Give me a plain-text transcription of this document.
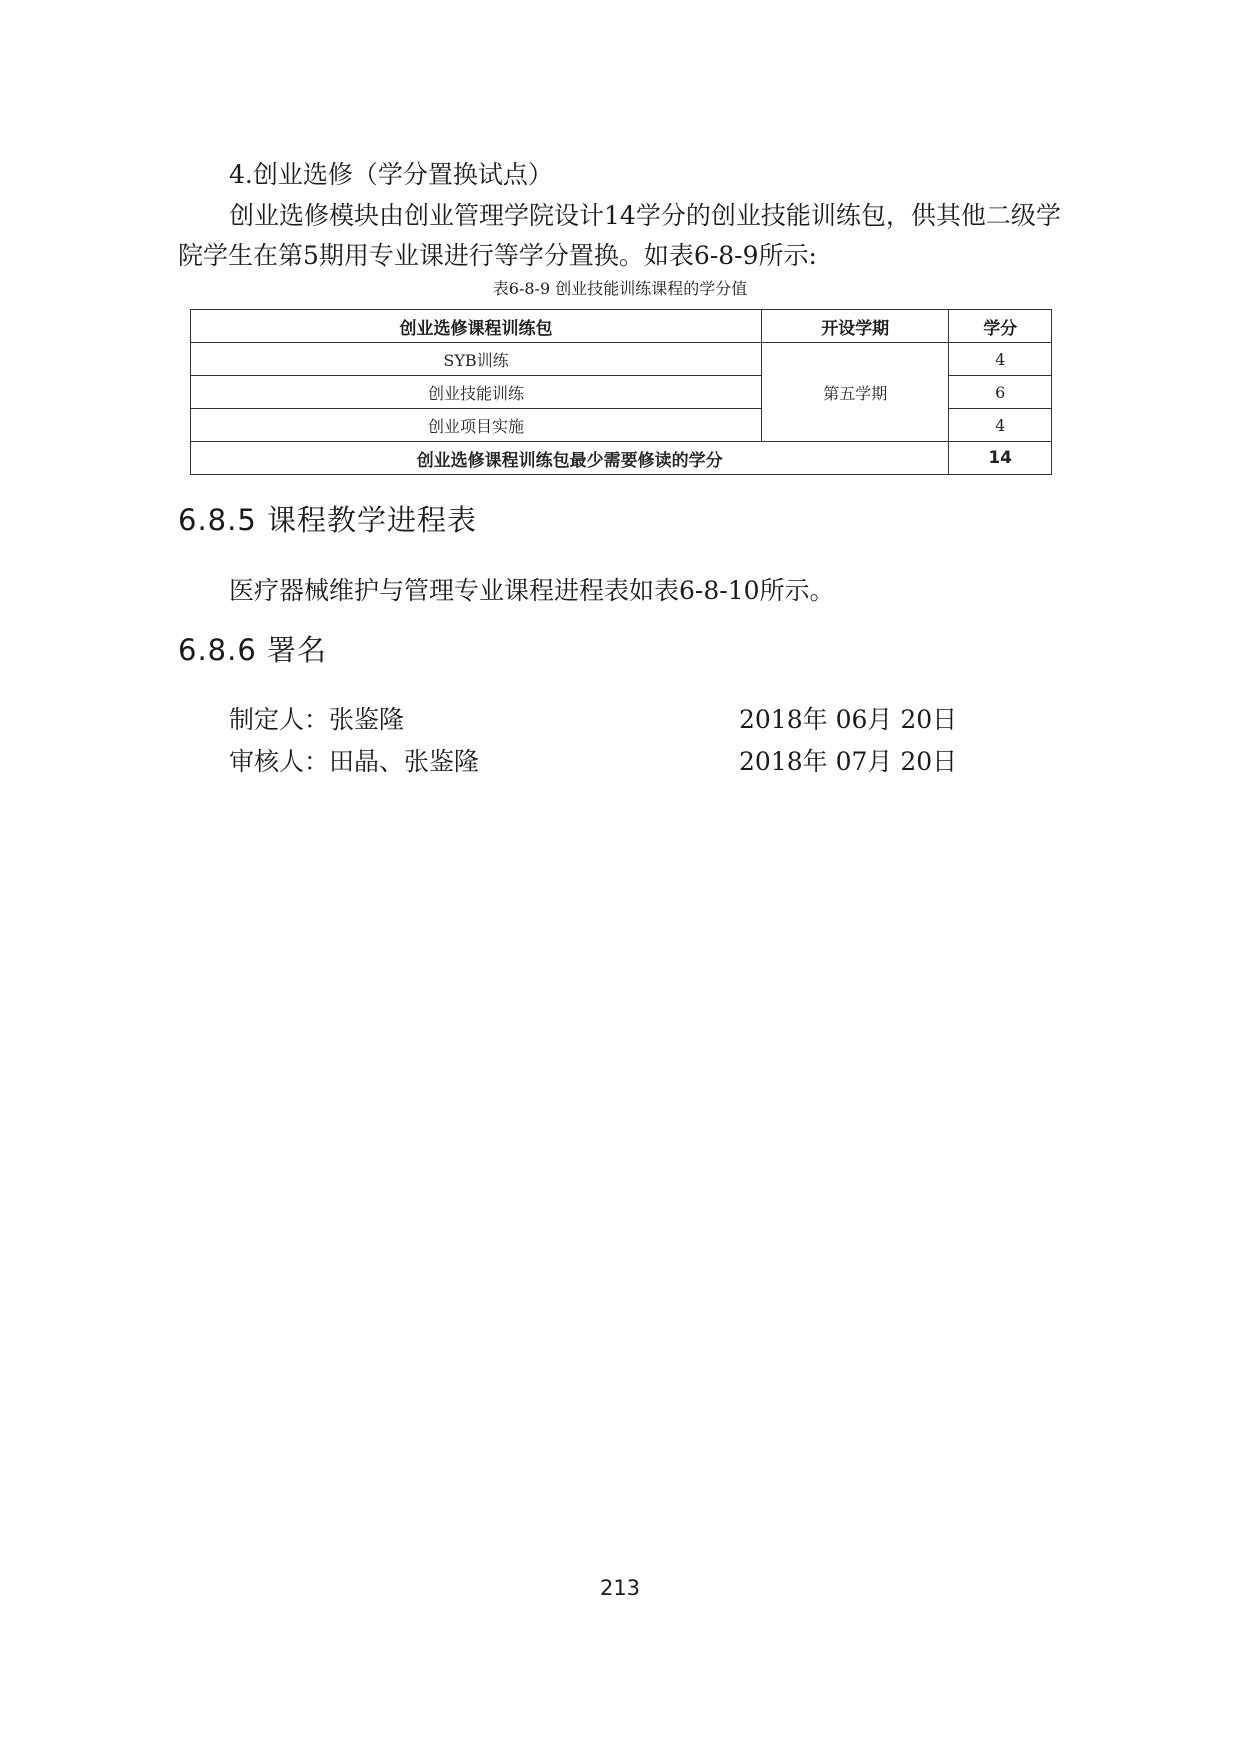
4.创业选修（学分置换试点）

创业选修模块由创业管理学院设计14学分的创业技能训练包，供其他二级学院学生在第5期用专业课进行等学分置换。如表6-8-9所示:

表6-8-9 创业技能训练课程的学分值
创业选修课程训练包	开设学期	学分
SYB训练	第五学期	4
创业技能训练		6
创业项目实施		4
创业选修课程训练包最少需要修读的学分		14
6.8.5 课程教学进程表
医疗器械维护与管理专业课程进程表如表6-8-10所示。
6.8.6 署名
制定人：张鉴隆	2018年 06月 20日
审核人：田晶、张鉴隆	2018年 07月 20日
213
